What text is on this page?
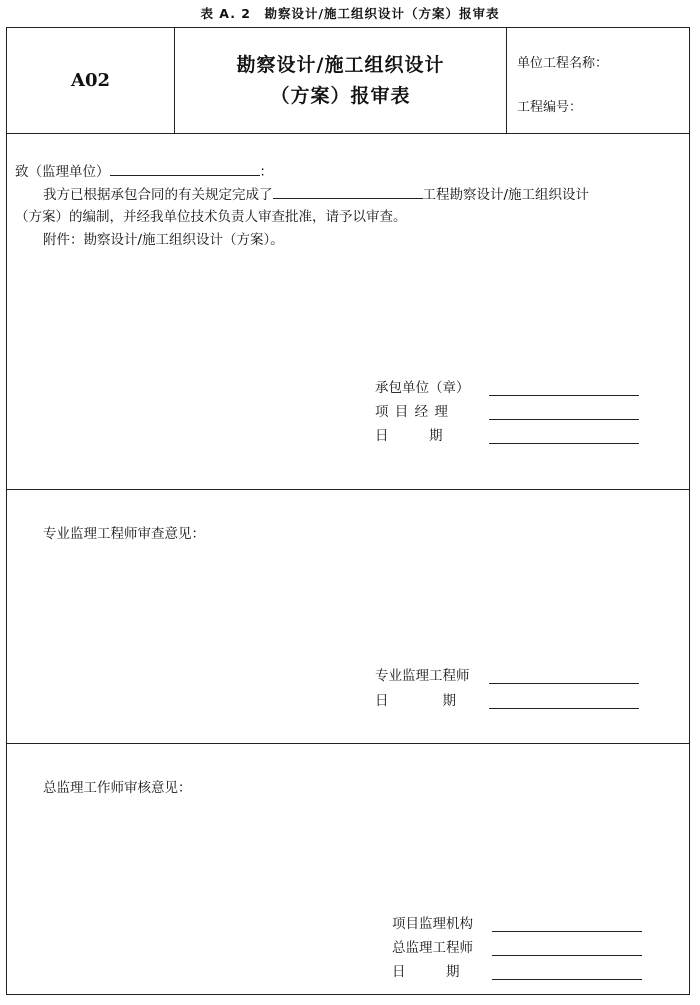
表 A. 2　勘察设计/施工组织设计（方案）报审表
A02
勘察设计/施工组织设计
（方案）报审表
单位工程名称：
工程编号：
致（监理单位）	：
我方已根据承包合同的有关规定完成了	工程勘察设计/施工组织设计
（方案）的编制，并经我单位技术负责人审查批准，请予以审查。
附件：勘察设计/施工组织设计（方案）。
承包单位（章）
项 目 经 理
日　　　期
专业监理工程师审查意见：
专业监理工程师
日　　　　期
总监理工作师审核意见：
项目监理机构
总监理工程师
日　　　期
